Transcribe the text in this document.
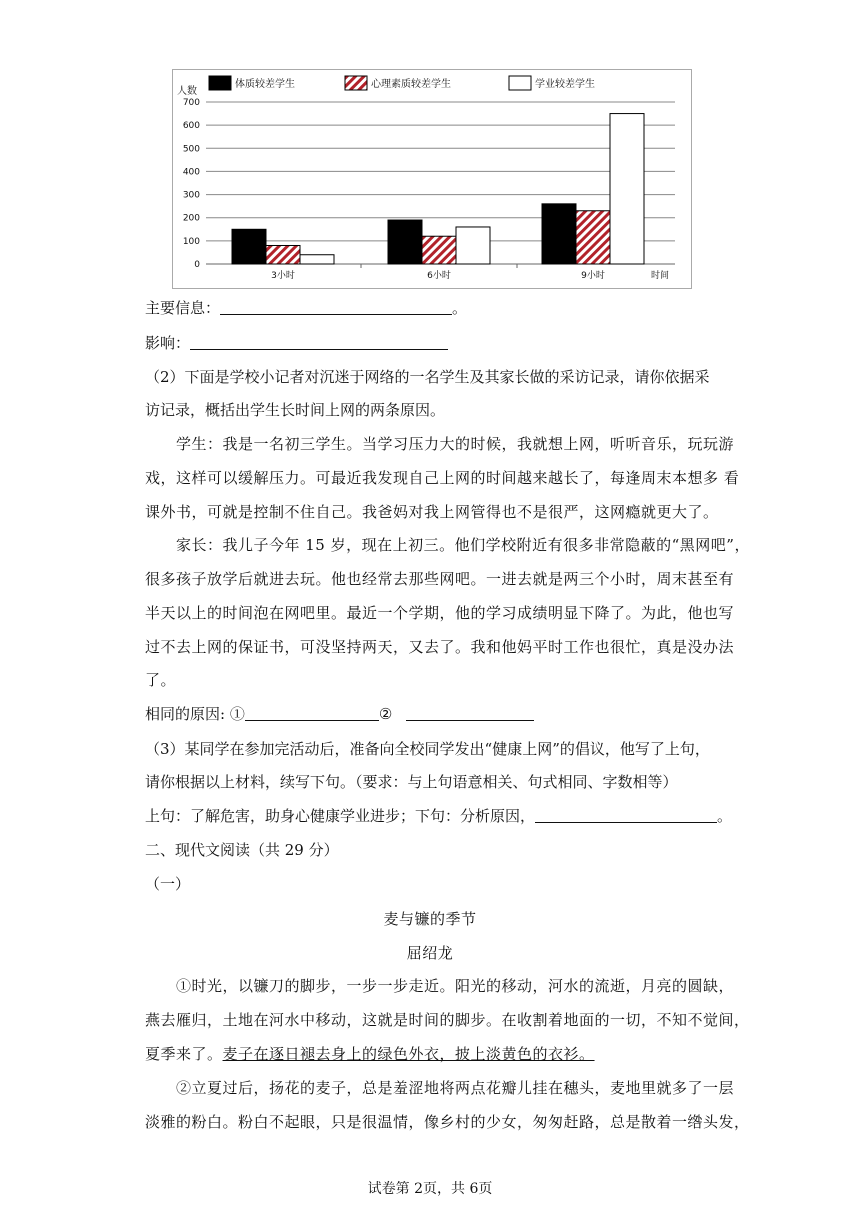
0
100
200
300
400
500
600
700
人数
时间
3小时	6小时	9小时
体质较差学生	心理素质较差学生	学业较差学生
主要信息：	。
影响：
（2）下面是学校小记者对沉迷于网络的一名学生及其家长做的采访记录，请你依据采
访记录，概括出学生长时间上网的两条原因。
学生：我是一名初三学生。当学习压力大的时候，我就想上网，听听音乐，玩玩游
戏，这样可以缓解压力。可最近我发现自己上网的时间越来越长了，每逢周末本想多 看
课外书，可就是控制不住自己。我爸妈对我上网管得也不是很严，这网瘾就更大了。
家长：我儿子今年 15 岁，现在上初三。他们学校附近有很多非常隐蔽的“黑网吧”，
很多孩子放学后就进去玩。他也经常去那些网吧。一进去就是两三个小时，周末甚至有
半天以上的时间泡在网吧里。最近一个学期，他的学习成绩明显下降了。为此，他也写
过不去上网的保证书，可没坚持两天，又去了。我和他妈平时工作也很忙，真是没办法
了。
相同的原因: ①	②
（3）某同学在参加完活动后，准备向全校同学发出“健康上网”的倡议，他写了上句，
请你根据以上材料，续写下句。（要求：与上句语意相关、句式相同、字数相等）
上句：了解危害，助身心健康学业进步；下句：分析原因，	。
二、现代文阅读（共 29 分）
（一）
麦与镰的季节
屈绍龙
①时光，以镰刀的脚步，一步一步走近。阳光的移动，河水的流逝，月亮的圆缺，
燕去雁归，土地在河水中移动，这就是时间的脚步。在收割着地面的一切，不知不觉间，
夏季来了。麦子在逐日褪去身上的绿色外衣，披上淡黄色的衣衫。
②立夏过后，扬花的麦子，总是羞涩地将两点花瓣儿挂在穗头，麦地里就多了一层
淡雅的粉白。粉白不起眼，只是很温情，像乡村的少女，匆匆赶路，总是散着一绺头发，
试卷第 2页，共 6页
